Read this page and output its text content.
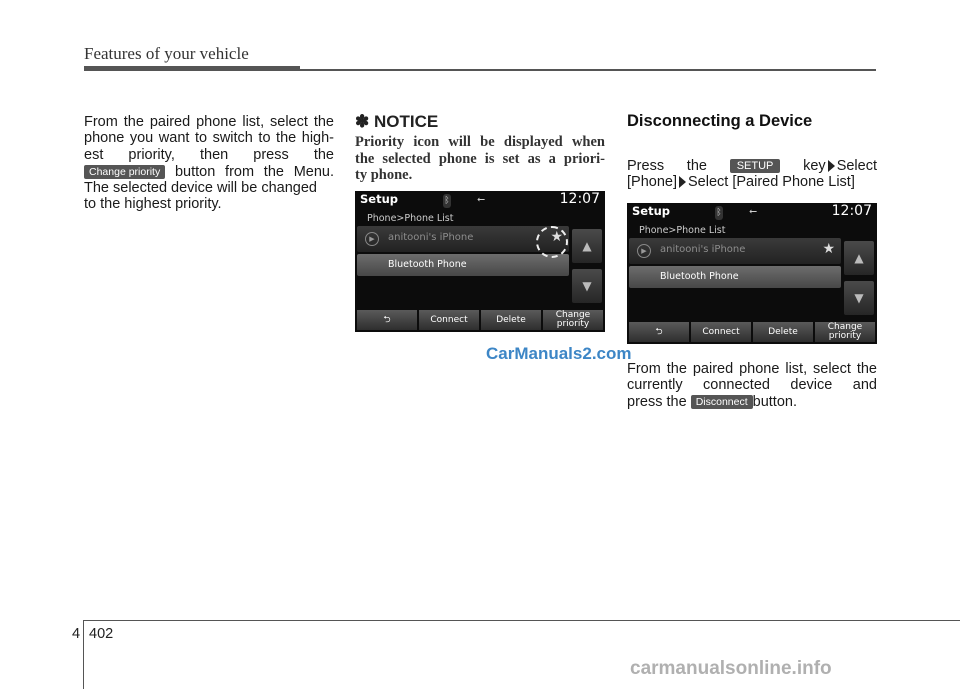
Features of your vehicle
From the paired phone list, select the
phone you want to switch to the high-
est priority, then press the
Change priority button from the Menu.
The selected device will be changed
to the highest priority.
✽ NOTICE
Priority icon will be displayed when
the selected phone is set as a priori-
ty phone.
Setup	ᛒ	⭠	12:07
Phone>Phone List
▶	anitooni's iPhone	★
Bluetooth Phone
▲
▼
⮌	Connect	Delete	Change
priority
CarManuals2.com
Disconnecting a Device
Press the	SETUP key Select
[Phone] Select [Paired Phone List]
Setup	ᛒ	⭠	12:07
Phone>Phone List
▶	anitooni's iPhone	★
Bluetooth Phone
▲
▼
⮌	Connect	Delete	Change
priority
From the paired phone list, select the
currently connected device and
press the Disconnect button.
4 402
carmanualsonline.info
